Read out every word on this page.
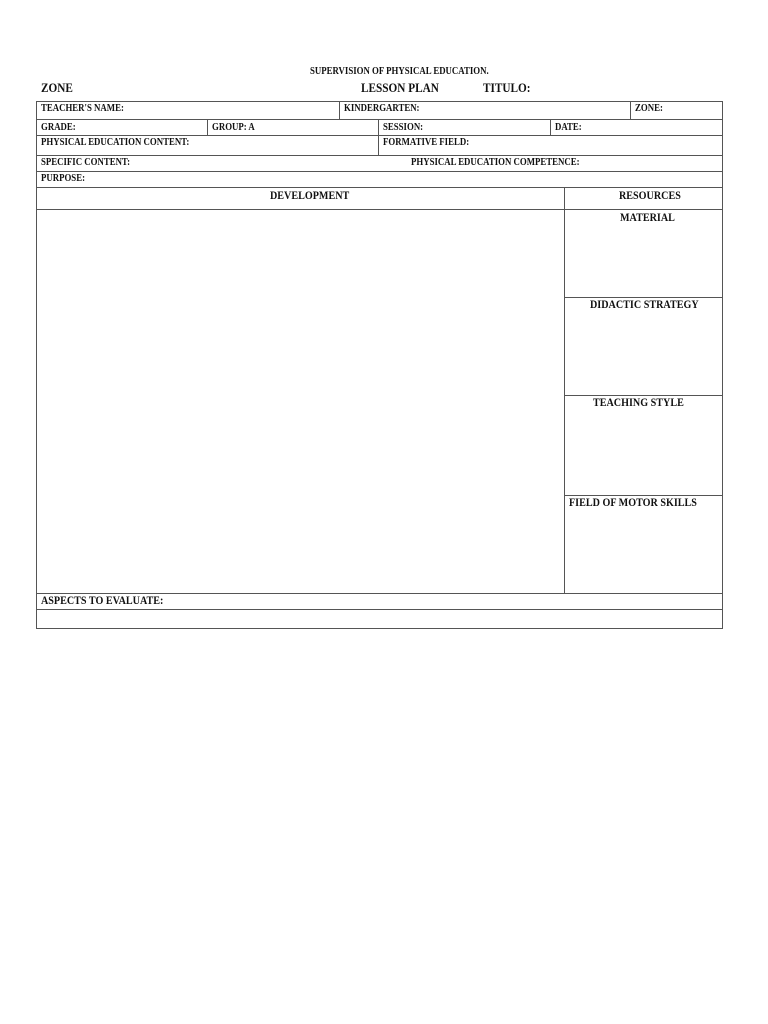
SUPERVISION OF PHYSICAL EDUCATION.
ZONE	LESSON PLAN	TITULO:
TEACHER'S NAME:	KINDERGARTEN:	ZONE:
GRADE:	GROUP: A	SESSION:	DATE:
PHYSICAL EDUCATION CONTENT:	FORMATIVE FIELD:
SPECIFIC CONTENT:	PHYSICAL EDUCATION COMPETENCE:
PURPOSE:
DEVELOPMENT	RESOURCES
MATERIAL
DIDACTIC STRATEGY
TEACHING STYLE
FIELD OF MOTOR SKILLS
ASPECTS TO EVALUATE:
